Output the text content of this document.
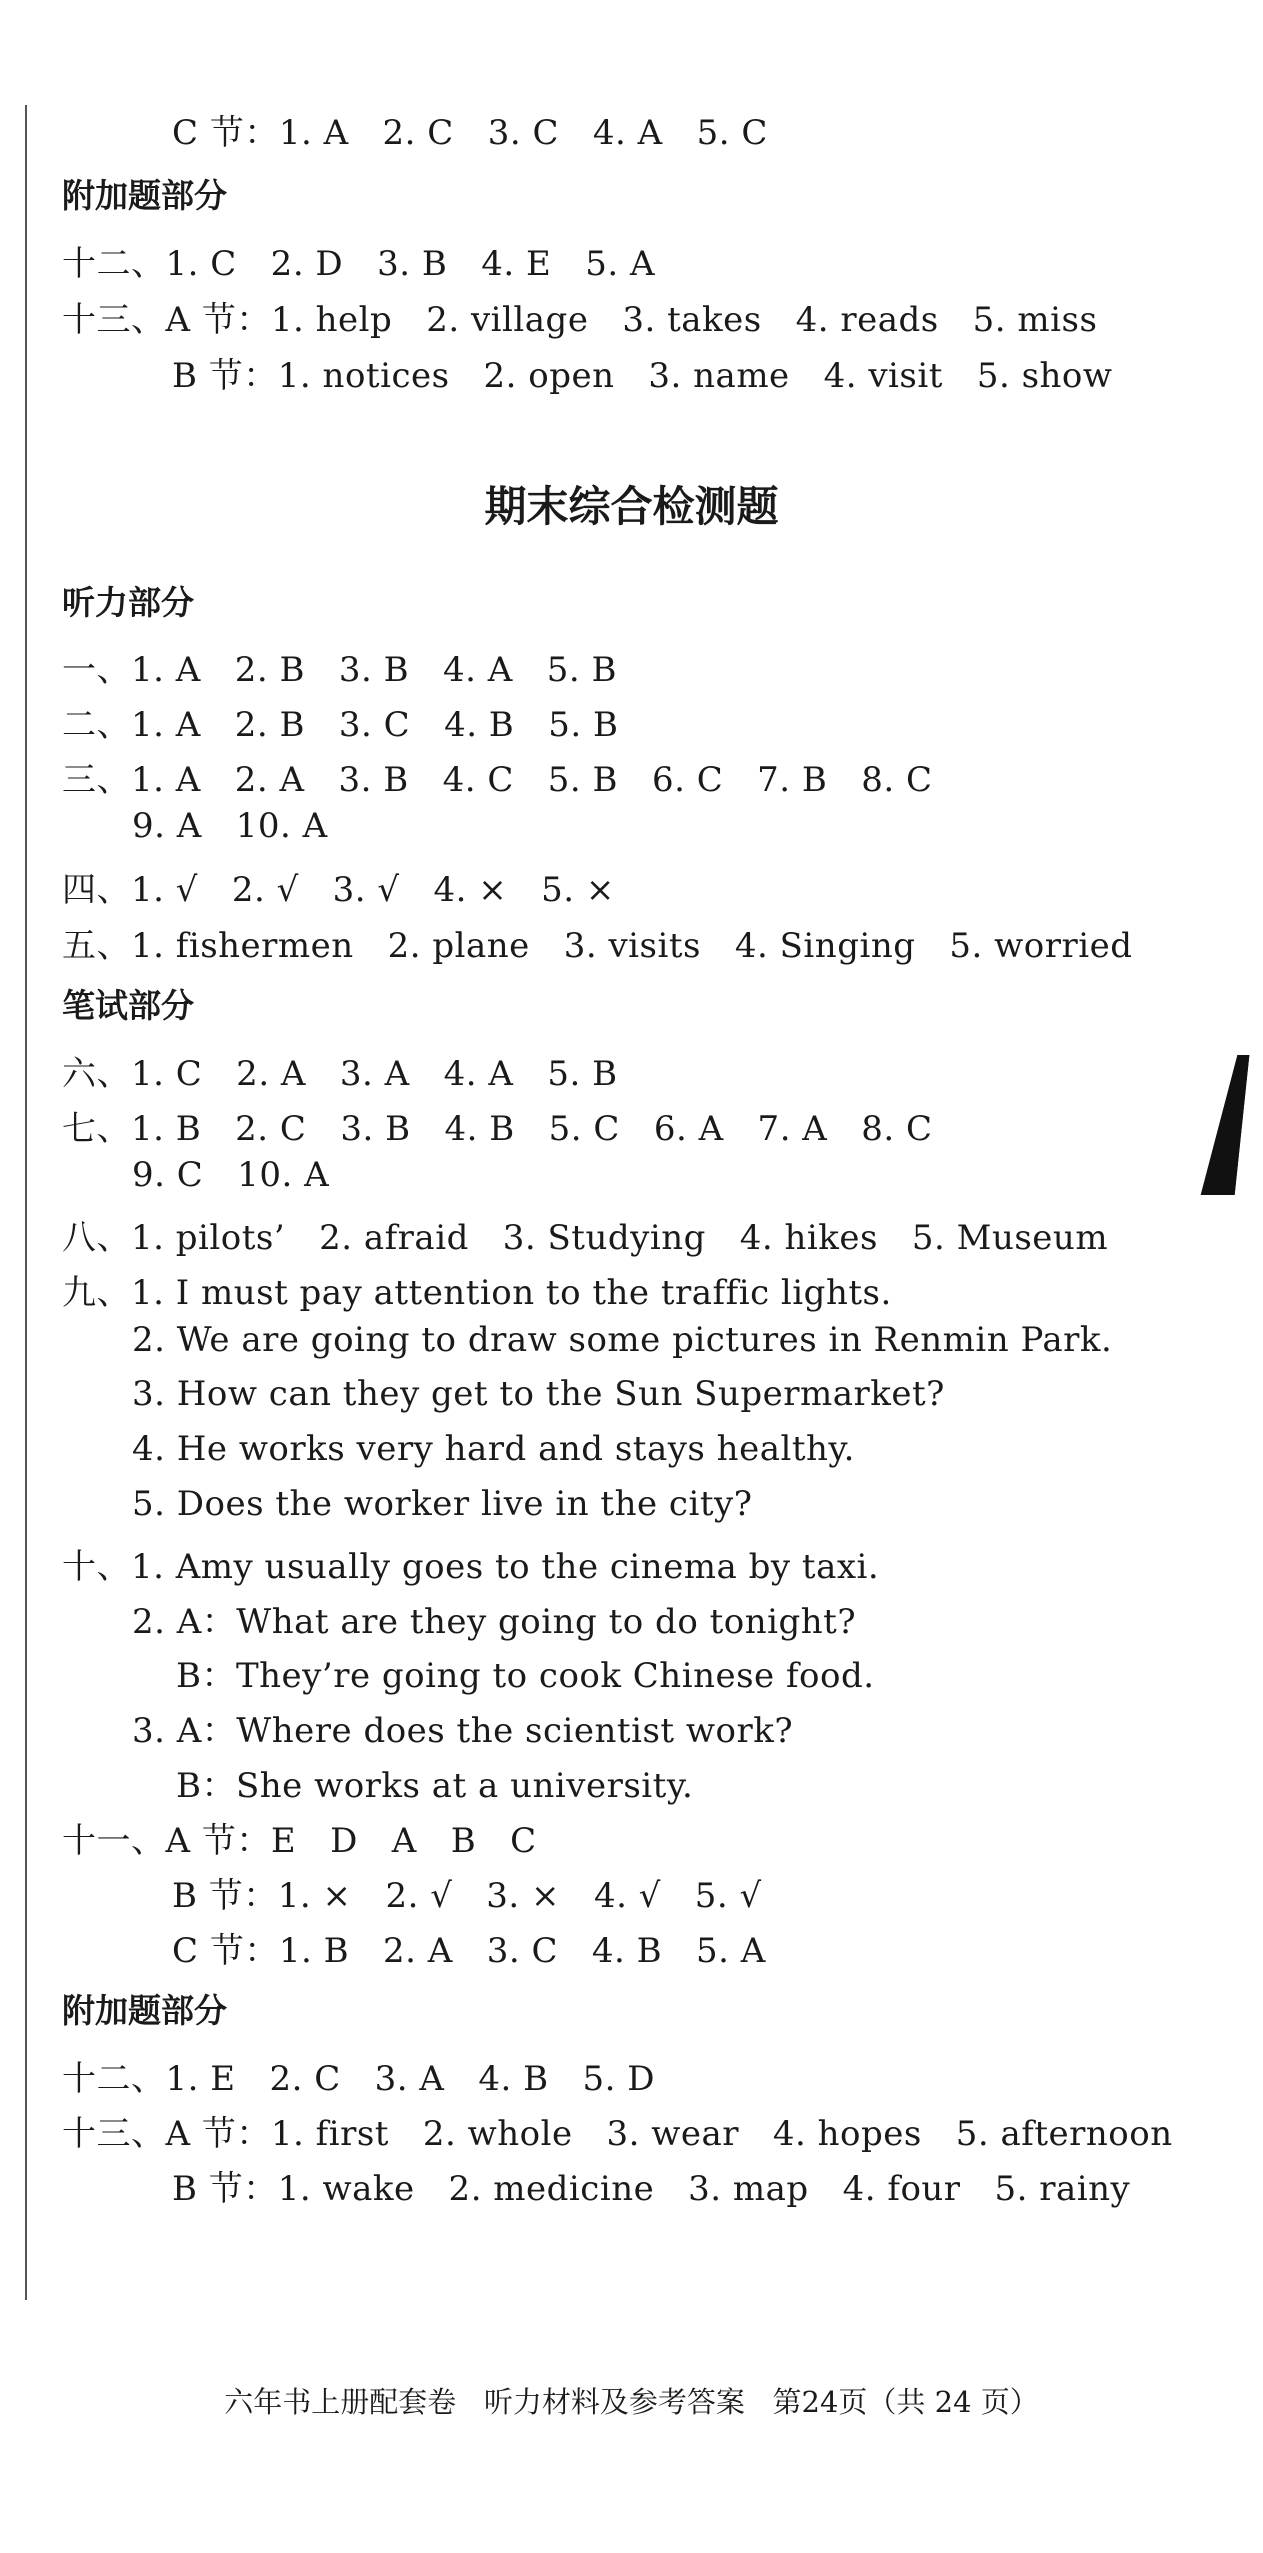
C 节：1. A   2. C   3. C   4. A   5. C
附加题部分
十二、1. C   2. D   3. B   4. E   5. A
十三、A 节：1. help   2. village   3. takes   4. reads   5. miss
B 节：1. notices   2. open   3. name   4. visit   5. show
期末综合检测题
听力部分
一、1. A   2. B   3. B   4. A   5. B
二、1. A   2. B   3. C   4. B   5. B
三、1. A   2. A   3. B   4. C   5. B   6. C   7. B   8. C
9. A   10. A
四、1. √   2. √   3. √   4. ×   5. ×
五、1. fishermen   2. plane   3. visits   4. Singing   5. worried
笔试部分
六、1. C   2. A   3. A   4. A   5. B
七、1. B   2. C   3. B   4. B   5. C   6. A   7. A   8. C
9. C   10. A
八、1. pilots’   2. afraid   3. Studying   4. hikes   5. Museum
九、1. I must pay attention to the traffic lights.
2. We are going to draw some pictures in Renmin Park.
3. How can they get to the Sun Supermarket?
4. He works very hard and stays healthy.
5. Does the worker live in the city?
十、1. Amy usually goes to the cinema by taxi.
2. A：What are they going to do tonight?
B：They’re going to cook Chinese food.
3. A：Where does the scientist work?
B：She works at a university.
十一、A 节：E   D   A   B   C
B 节：1. ×   2. √   3. ×   4. √   5. √
C 节：1. B   2. A   3. C   4. B   5. A
附加题部分
十二、1. E   2. C   3. A   4. B   5. D
十三、A 节：1. first   2. whole   3. wear   4. hopes   5. afternoon
B 节：1. wake   2. medicine   3. map   4. four   5. rainy
六年书上册配套卷   听力材料及参考答案   第24页（共 24 页）
